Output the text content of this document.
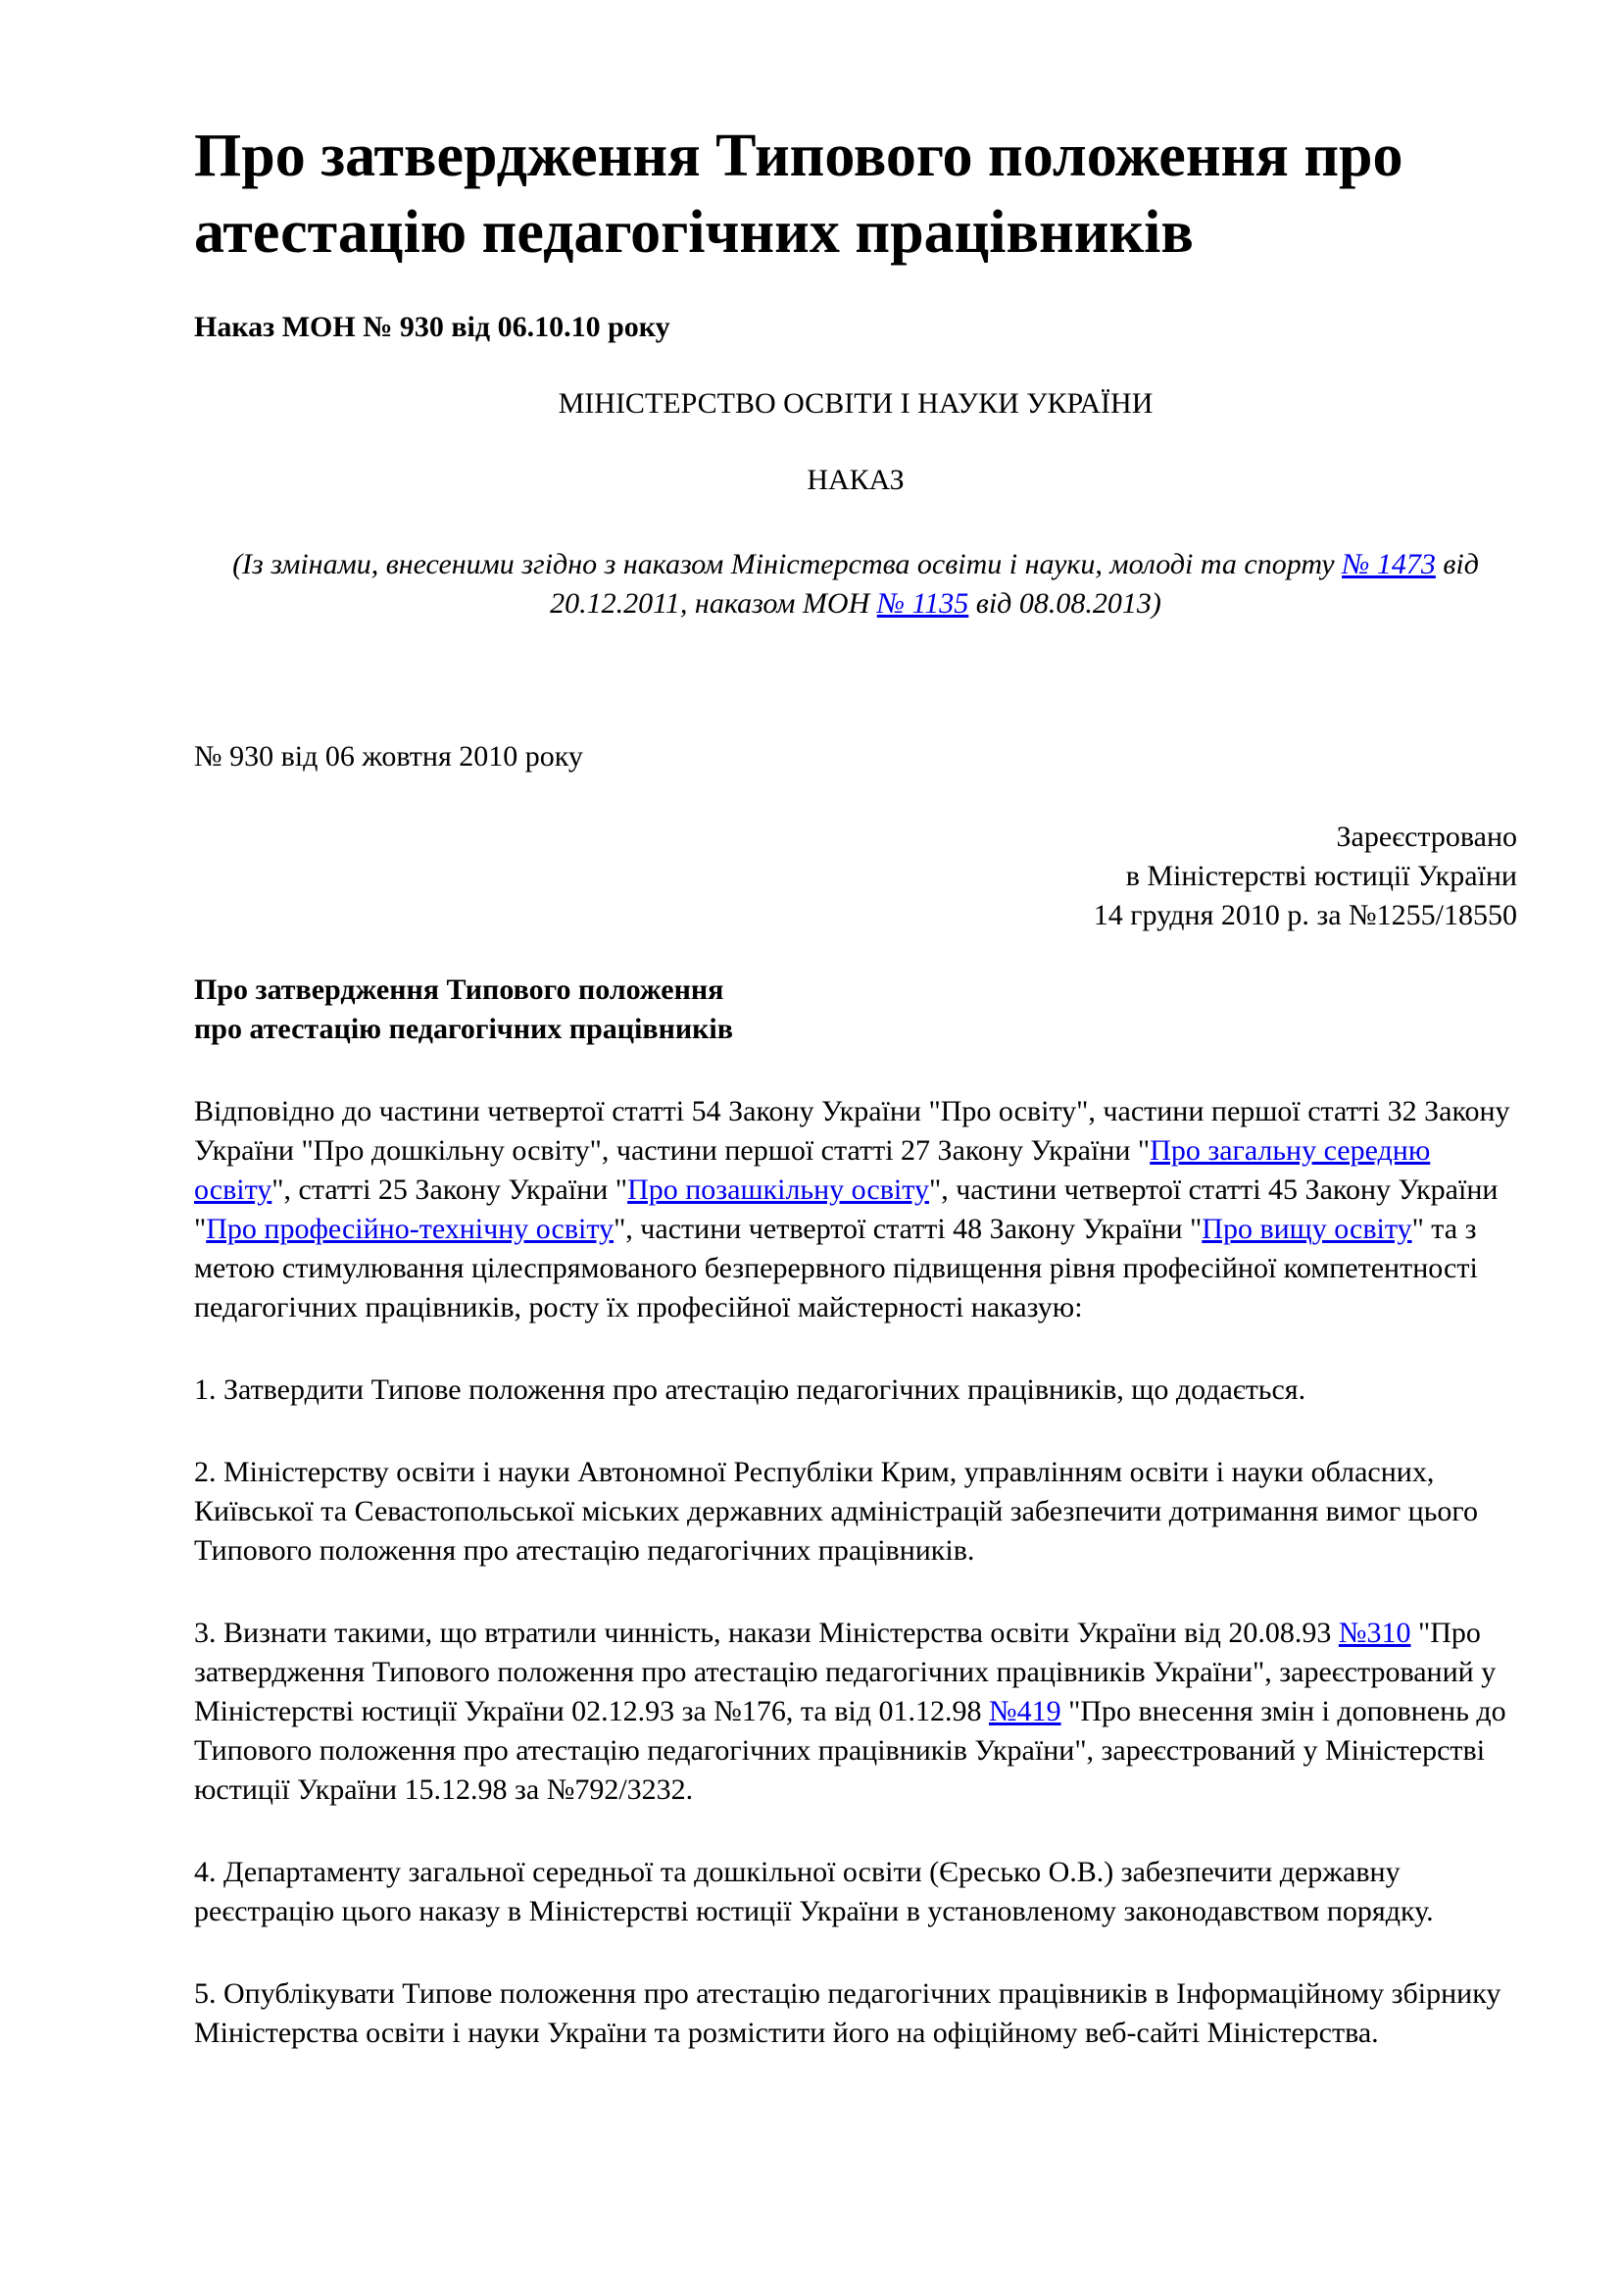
Про затвердження Типового положення про
атестацію педагогічних працівників
Наказ МОН № 930 від 06.10.10 року
МІНІСТЕРСТВО ОСВІТИ І НАУКИ УКРАЇНИ
НАКАЗ
(Із змінами, внесеними згідно з наказом Міністерства освіти і науки, молоді та спорту № 1473 від 20.12.2011, наказом МОН № 1135 від 08.08.2013)
№ 930 від 06 жовтня 2010 року
Зареєстровано
в Міністерстві юстиції України
14 грудня 2010 р. за №1255/18550
Про затвердження Типового положення
про атестацію педагогічних працівників

Відповідно до частини четвертої статті 54 Закону України "Про освіту", частини першої статті 32 Закону України "Про дошкільну освіту", частини першої статті 27 Закону України "Про загальну середню освіту", статті 25 Закону України "Про позашкільну освіту", частини четвертої статті 45 Закону України "Про професійно-технічну освіту", частини четвертої статті 48 Закону України "Про вищу освіту" та з метою стимулювання цілеспрямованого безперервного підвищення рівня професійної компетентності педагогічних працівників, росту їх професійної майстерності наказую:

1. Затвердити Типове положення про атестацію педагогічних працівників, що додається.

2. Міністерству освіти і науки Автономної Республіки Крим, управлінням освіти і науки обласних, Київської та Севастопольської міських державних адміністрацій забезпечити дотримання вимог цього Типового положення про атестацію педагогічних працівників.

3. Визнати такими, що втратили чинність, накази Міністерства освіти України від 20.08.93 №310 "Про затвердження Типового положення про атестацію педагогічних працівників України", зареєстрований у Міністерстві юстиції України 02.12.93 за №176, та від 01.12.98 №419 "Про внесення змін і доповнень до Типового положення про атестацію педагогічних працівників України", зареєстрований у Міністерстві юстиції України 15.12.98 за №792/3232.

4. Департаменту загальної середньої та дошкільної освіти (Єресько О.В.) забезпечити державну реєстрацію цього наказу в Міністерстві юстиції України в установленому законодавством порядку.

5. Опублікувати Типове положення про атестацію педагогічних працівників в Інформаційному збірнику Міністерства освіти і науки України та розмістити його на офіційному веб-сайті Міністерства.
